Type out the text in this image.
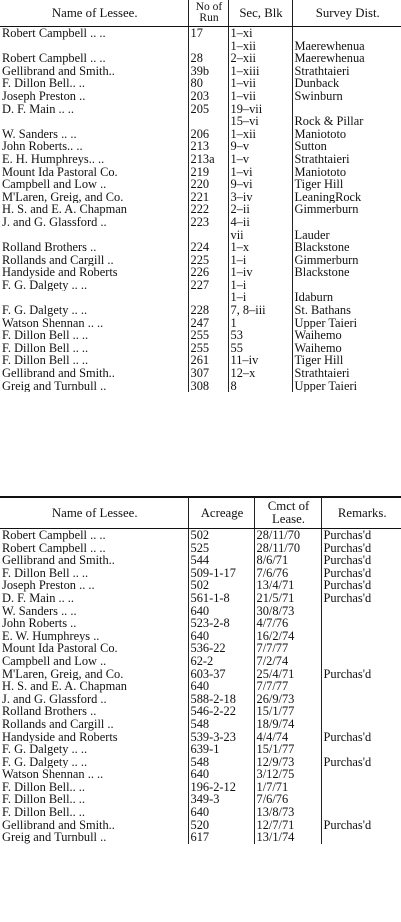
Name of Lessee.	No of Run	Sec, Blk	Survey Dist.

Robert Campbell .. ..	17	1–xi	
		1–xii	Maerewhenua
Robert Campbell .. ..	28	2–xii	Maerewhenua
Gellibrand and Smith..	39b	1–xiii	Strathtaieri
F. Dillon Bell.. ..	80	1–vii	Dunback
Joseph Preston ..	203	1–vii	Swinburn
D. F. Main .. ..	205	19–vii	
		15–vi	Rock & Pillar
W. Sanders .. ..	206	1–xii	Maniototo
John Roberts.. ..	213	9–v	Sutton
E. H. Humphreys.. ..	213a	1–v	Strathtaieri
Mount Ida Pastoral Co.	219	1–vi	Maniototo
Campbell and Low ..	220	9–vi	Tiger Hill
M'Laren, Greig, and Co.	221	3–iv	LeaningRock
H. S. and E. A. Chapman	222	2–ii	Gimmerburn
J. and G. Glassford ..	223	4–ii	
		vii	Lauder
Rolland Brothers ..	224	1–x	Blackstone
Rollands and Cargill ..	225	1–i	Gimmerburn
Handyside and Roberts	226	1–iv	Blackstone
F. G. Dalgety .. ..	227	1–i	

		1–i	Idaburn
F. G. Dalgety .. ..	228	7, 8–iii	St. Bathans
Watson Shennan .. ..	247	1	Upper Taieri
F. Dillon Bell .. ..	255	53	Waihemo
F. Dillon Bell .. ..	255	55	Waihemo
F. Dillon Bell .. ..	261	11–iv	Tiger Hill
Gellibrand and Smith..	307	12–x	Strathtaieri
Greig and Turnbull ..	308	8	Upper Taieri
Name of Lessee.	Acreage	Cmct of Lease.	Remarks.
Robert Campbell .. ..	502	28/11/70	Purchas'd
Robert Campbell .. ..	525	28/11/70	Purchas'd
Gellibrand and Smith..	544	8/6/71	Purchas'd
F. Dillon Bell .. ..	509-1-17	7/6/76	Purchas'd
Joseph Preston .. ..	502	13/4/71	Purchas'd
D. F. Main .. ..	561-1-8	21/5/71	Purchas'd
W. Sanders .. ..	640	30/8/73	
John Roberts ..	523-2-8	4/7/76	
E. W. Humphreys ..	640	16/2/74	
Mount Ida Pastoral Co.	536-22	7/7/77	
Campbell and Low ..	62-2	7/2/74	
M'Laren, Greig, and Co.	603-37	25/4/71	Purchas'd
H. S. and E. A. Chapman	640	7/7/77	
J. and G. Glassford ..	588-2-18	26/9/73	
Rolland Brothers ..	546-2-22	15/1/77	
Rollands and Cargill ..	548	18/9/74	
Handyside and Roberts	539-3-23	4/4/74	Purchas'd
F. G. Dalgety .. ..	639-1	15/1/77	
F. G. Dalgety .. ..	548	12/9/73	Purchas'd
Watson Shennan .. ..	640	3/12/75	
F. Dillon Bell.. ..	196-2-12	1/7/71	
F. Dillon Bell.. ..	349-3	7/6/76	
F. Dillon Bell.. ..	640	13/8/73	
Gellibrand and Smith..	520	12/7/71	Purchas'd
Greig and Turnbull ..	617	13/1/74	
